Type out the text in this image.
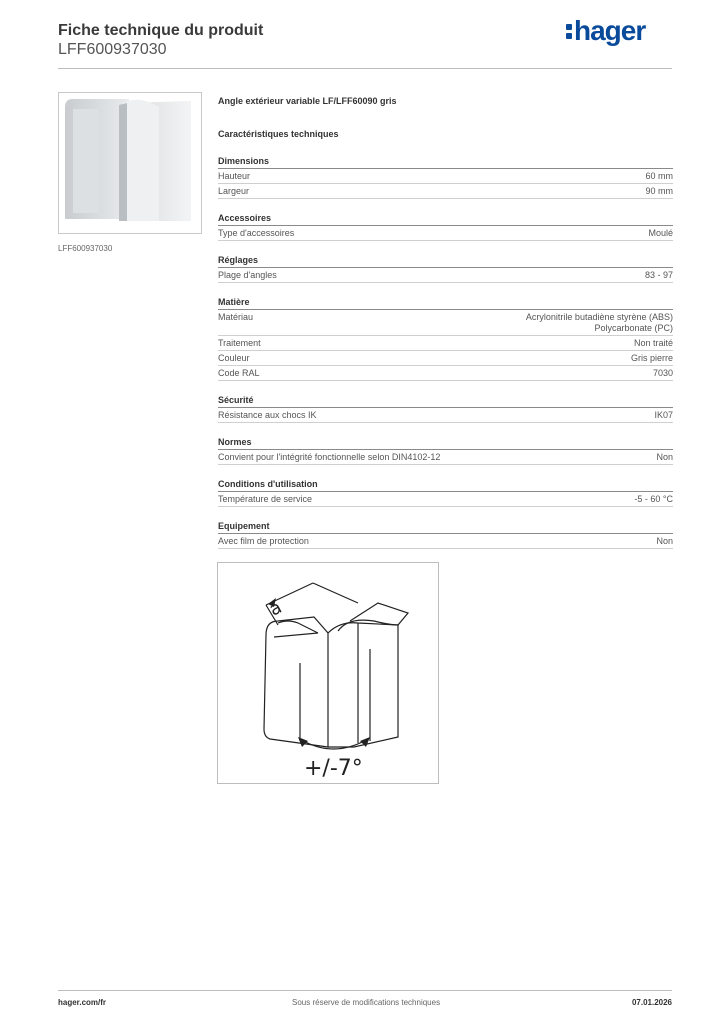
Fiche technique du produit
LFF600937030
hager
LFF600937030
Angle extérieur variable LF/LFF60090 gris
Caractéristiques techniques
Dimensions
Hauteur	60 mm
Largeur	90 mm
Accessoires
Type d'accessoires	Moulé
Réglages
Plage d'angles	83 - 97
Matière
Matériau	Acrylonitrile butadiène styrène (ABS)
Polycarbonate (PC)
Traitement	Non traité
Couleur	Gris pierre
Code RAL	7030
Sécurité
Résistance aux chocs IK	IK07
Normes
Convient pour l'intégrité fonctionnelle selon DIN4102-12	Non
Conditions d'utilisation
Température de service	-5 - 60 °C
Equipement
Avec film de protection	Non
a
+/-7°
hager.com/fr	Sous réserve de modifications techniques	07.01.2026
